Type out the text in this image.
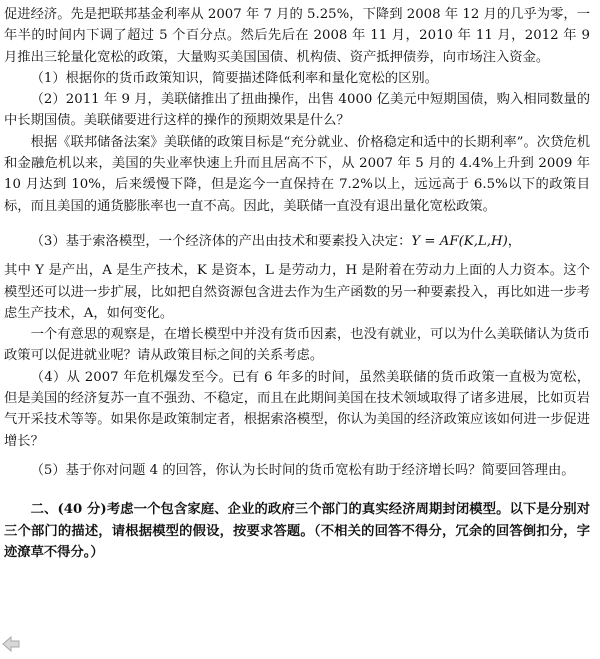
促进经济。先是把联邦基金利率从 2007 年 7 月的 5.25%，下降到 2008 年 12 月的几乎为零，一年半的时间内下调了超过 5 个百分点。然后先后在 2008 年 11 月，2010 年 11 月，2012 年 9 月推出三轮量化宽松的政策，大量购买美国国债、机构债、资产抵押债券，向市场注入资金。

（1）根据你的货币政策知识，简要描述降低利率和量化宽松的区别。

（2）2011 年 9 月，美联储推出了扭曲操作，出售 4000 亿美元中短期国债，购入相同数量的中长期国债。美联储要进行这样的操作的预期效果是什么？

根据《联邦储备法案》美联储的政策目标是“充分就业、价格稳定和适中的长期利率”。次贷危机和金融危机以来，美国的失业率快速上升而且居高不下，从 2007 年 5 月的 4.4%上升到 2009 年 10 月达到 10%，后来缓慢下降，但是迄今一直保持在 7.2%以上，远远高于 6.5%以下的政策目标，而且美国的通货膨胀率也一直不高。因此，美联储一直没有退出量化宽松政策。

（3）基于索洛模型，一个经济体的产出由技术和要素投入决定：Y = AF(K,L,H)，

其中 Y 是产出，A 是生产技术，K 是资本，L 是劳动力，H 是附着在劳动力上面的人力资本。这个模型还可以进一步扩展，比如把自然资源包含进去作为生产函数的另一种要素投入，再比如进一步考虑生产技术，A，如何变化。

一个有意思的观察是，在增长模型中并没有货币因素，也没有就业，可以为什么美联储认为货币政策可以促进就业呢？请从政策目标之间的关系考虑。

（4）从 2007 年危机爆发至今。已有 6 年多的时间，虽然美联储的货币政策一直极为宽松，但是美国的经济复苏一直不强劲、不稳定，而且在此期间美国在技术领域取得了诸多进展，比如页岩气开采技术等等。如果你是政策制定者，根据索洛模型，你认为美国的经济政策应该如何进一步促进增长？

（5）基于你对问题 4 的回答，你认为长时间的货币宽松有助于经济增长吗？简要回答理由。

二、(40 分)考虑一个包含家庭、企业的政府三个部门的真实经济周期封闭模型。以下是分别对三个部门的描述，请根据模型的假设，按要求答题。（不相关的回答不得分，冗余的回答倒扣分，字迹潦草不得分。）
